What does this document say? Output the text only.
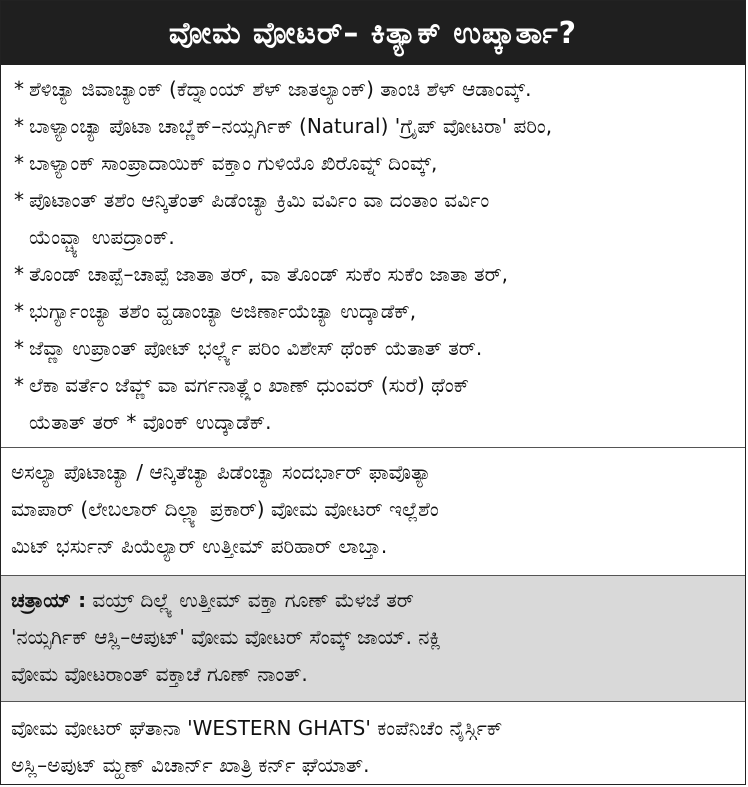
ವೋಮ ವೋಟರ್– ಕಿತ್ಯಾಕ್ ಉಪ್ಕಾರ್ತಾ?
* ಶೆಳಿಚ್ಯಾ ಜಿವಾಚ್ಯಾಂಕ್ (ಕೆದ್ನಾಂಯ್ ಶೆಳ್ ಜಾತಲ್ಯಾಂಕ್) ತಾಂಚಿ ಶೆಳ್ ಆಡಾಂವ್ಕ್.
* ಬಾಳ್ಯಾಂಚ್ಯಾ ಪೊಟಾ ಚಾಬ್ಣೆಕ್–ನಯ್ಸರ್ಗಿಕ್ (Natural) 'ಗ್ರೈಪ್ ವೋಟರಾ' ಪರಿಂ,
* ಬಾಳ್ಯಾಂಕ್ ಸಾಂಪ್ರಾದಾಯಿಕ್ ವಕ್ತಾಂ ಗುಳಿಯೊ ಖಿರೊವ್ನ್ ದಿಂವ್ಕ್,
* ಪೊಟಾಂತ್ ತಶೆಂ ಆನ್ಕಿತೆಂತ್ ಪಿಡೆಂಚ್ಯಾ ಕ್ರಿಮಿ ವರ್ವಿಂ ವಾ ದಂತಾಂ ವರ್ವಿಂ
ಯೆಂವ್ಚ್ಯಾ ಉಪದ್ರಾಂಕ್.
* ತೊಂಡ್ ಚಾಪ್ಪೆ–ಚಾಪ್ಪೆ ಜಾತಾ ತರ್, ವಾ ತೊಂಡ್ ಸುಕೆಂ ಸುಕೆಂ ಜಾತಾ ತರ್,
* ಭುರ್ಗ್ಯಾಂಚ್ಯಾ ತಶೆಂ ವ್ಹಡಾಂಚ್ಯಾ ಅಜಿರ್ಣಾಯೆಚ್ಯಾ ಉದ್ಕಾಡೆಕ್,
* ಜೆವ್ಣಾ ಉಪ್ರಾಂತ್ ಪೋಟ್ ಭರ್ಲ್ಲ್ಯೆ ಪರಿಂ ವಿಶೇಸ್ ಥೆಂಕ್ ಯೆತಾತ್ ತರ್.
* ಲೆಕಾ ವರ್ತೆಂ ಜೆವ್ಣ್ ವಾ ವರ್ಗನಾತ್ಲ್ಲೆಂ ಖಾಣ್ ಧುಂವರ್ (ಸುರೆ) ಥೆಂಕ್
ಯೆತಾತ್ ತರ್ * ವೊಂಕ್ ಉದ್ಕಾಡೆಕ್.
ಅಸಲ್ಯಾ ಪೊಟಾಚ್ಯಾ / ಆನ್ಕಿತೆಚ್ಯಾ ಪಿಡೆಂಚ್ಯಾ ಸಂದರ್ಭಾರ್ ಫಾವೊತ್ಯಾ
ಮಾಪಾರ್ (ಲೇಬಲಾರ್ ದಿಲ್ಲ್ಯಾ ಪ್ರಕಾರ್) ವೋಮ ವೋಟರ್ ಇಲ್ಲೆಶೆಂ
ಮಿಟ್ ಭರ್ಸುನ್ ಪಿಯೆಲ್ಯಾರ್ ಉತ್ತೀಮ್ ಪರಿಹಾರ್ ಲಾಬ್ತಾ.
ಚತ್ರಾಯ್ : ವಯ್ರ್ ದಿಲ್ಲ್ಯೆ ಉತ್ತೀಮ್ ವಕ್ತಾ ಗೂಣ್ ಮೆಳಜೆ ತರ್
'ನಯ್ಸರ್ಗಿಕ್ ಆಸ್ಲಿ–ಆಪುಟ್' ವೋಮ ವೋಟರ್ ಸೆಂವ್ಕ್ ಜಾಯ್. ನಕ್ಲಿ
ವೋಮ ವೋಟರಾಂತ್ ವಕ್ತಾಚೆ ಗೂಣ್ ನಾಂತ್.
ವೋಮ ವೋಟರ್ ಘೆತಾನಾ 'WESTERN GHATS' ಕಂಪೆನಿಚೆಂ ನೈರ್ಸ್ಗಿಕ್
ಅಸ್ಲಿ–ಅಪುಟ್ ಮ್ಹಣ್ ವಿಚಾರ್ನ್ ಖಾತ್ರಿ ಕರ್ನ್ ಘೆಯಾತ್.
